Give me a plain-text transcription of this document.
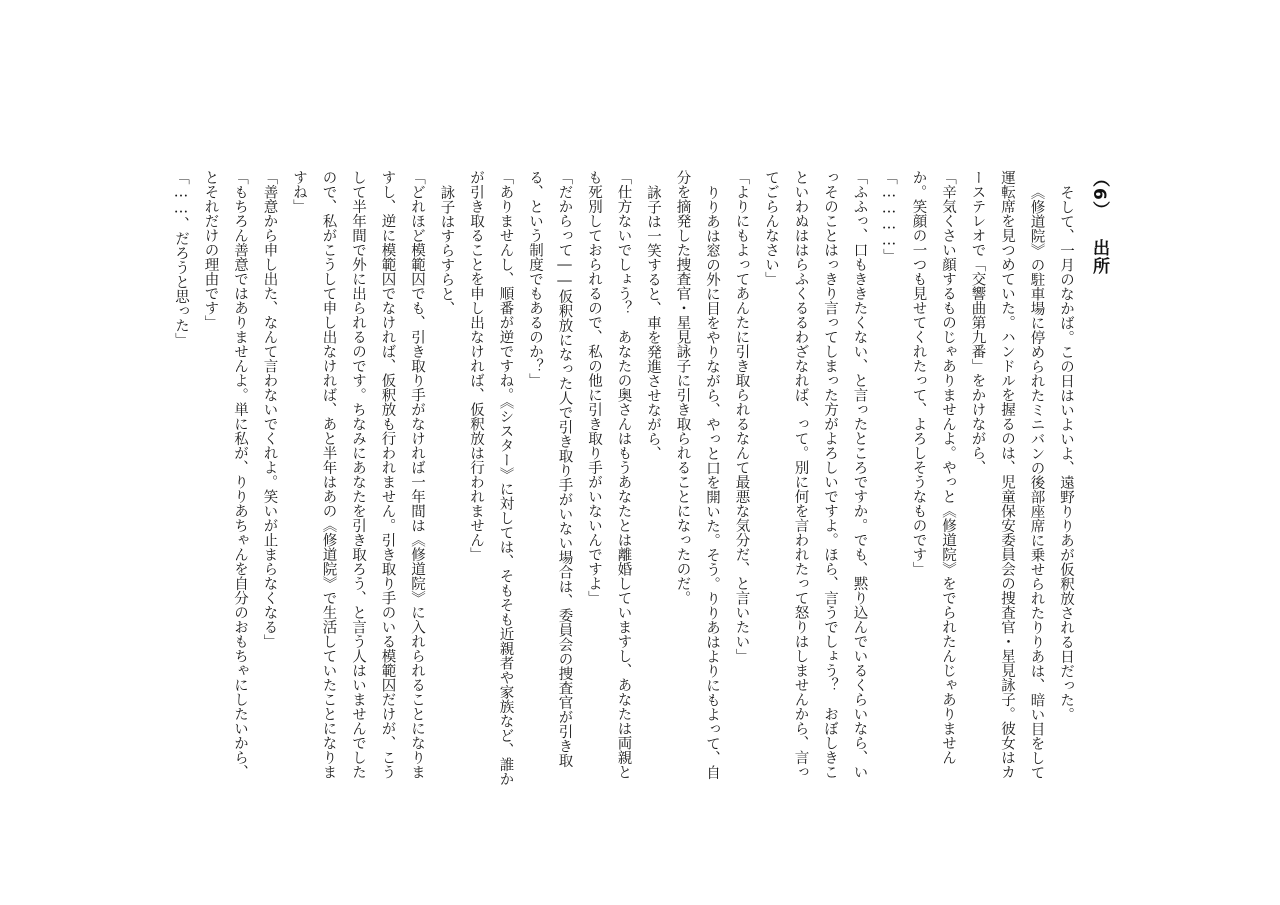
（6）出所

そして、一月のなかば。この日はいよいよ、遠野りりあが仮釈放される日だった。

《修道院》の駐車場に停められたミニバンの後部座席に乗せられたりりあは、暗い目をして運転席を見つめていた。ハンドルを握るのは、児童保安委員会の捜査官・星見詠子。彼女はカーステレオで「交響曲第九番」をかけながら、

「辛気くさい顔するものじゃありませんよ。やっと《修道院》をでられたんじゃありませんか。笑顔の一つも見せてくれたって、よろしそうなものです」

「…………」

「ふふっ、口もききたくない、と言ったところですか。でも、黙り込んでいるくらいなら、いっそのことはっきり言ってしまった方がよろしいですよ。ほら、言うでしょう？　おぼしきこといわぬははらふくるるわざなれば、って。別に何を言われたって怒りはしませんから、言ってごらんなさい」

「よりにもよってあんたに引き取られるなんて最悪な気分だ、と言いたい」

りりあは窓の外に目をやりながら、やっと口を開いた。そう。りりあはよりにもよって、自分を摘発した捜査官・星見詠子に引き取られることになったのだ。

詠子は一笑すると、車を発進させながら、

「仕方ないでしょう？　あなたの奥さんはもうあなたとは離婚していますし、あなたは両親とも死別しておられるので、私の他に引き取り手がいないんですよ」

「だからって――仮釈放になった人で引き取り手がいない場合は、委員会の捜査官が引き取る、という制度でもあるのか？」

「ありませんし、順番が逆ですね。《シスター》に対しては、そもそも近親者や家族など、誰かが引き取ることを申し出なければ、仮釈放は行われません」

詠子はすらすらと、

「どれほど模範囚でも、引き取り手がなければ一年間は《修道院》に入れられることになりますし、逆に模範囚でなければ、仮釈放も行われません。引き取り手のいる模範囚だけが、こうして半年間で外に出られるのです。ちなみにあなたを引き取ろう、と言う人はいませんでしたので、私がこうして申し出なければ、あと半年はあの《修道院》で生活していたことになりますね」

「善意から申し出た、なんて言わないでくれよ。笑いが止まらなくなる」

「もちろん善意ではありませんよ。単に私が、りりあちゃんを自分のおもちゃにしたいから、とそれだけの理由です」

「……、だろうと思った」
